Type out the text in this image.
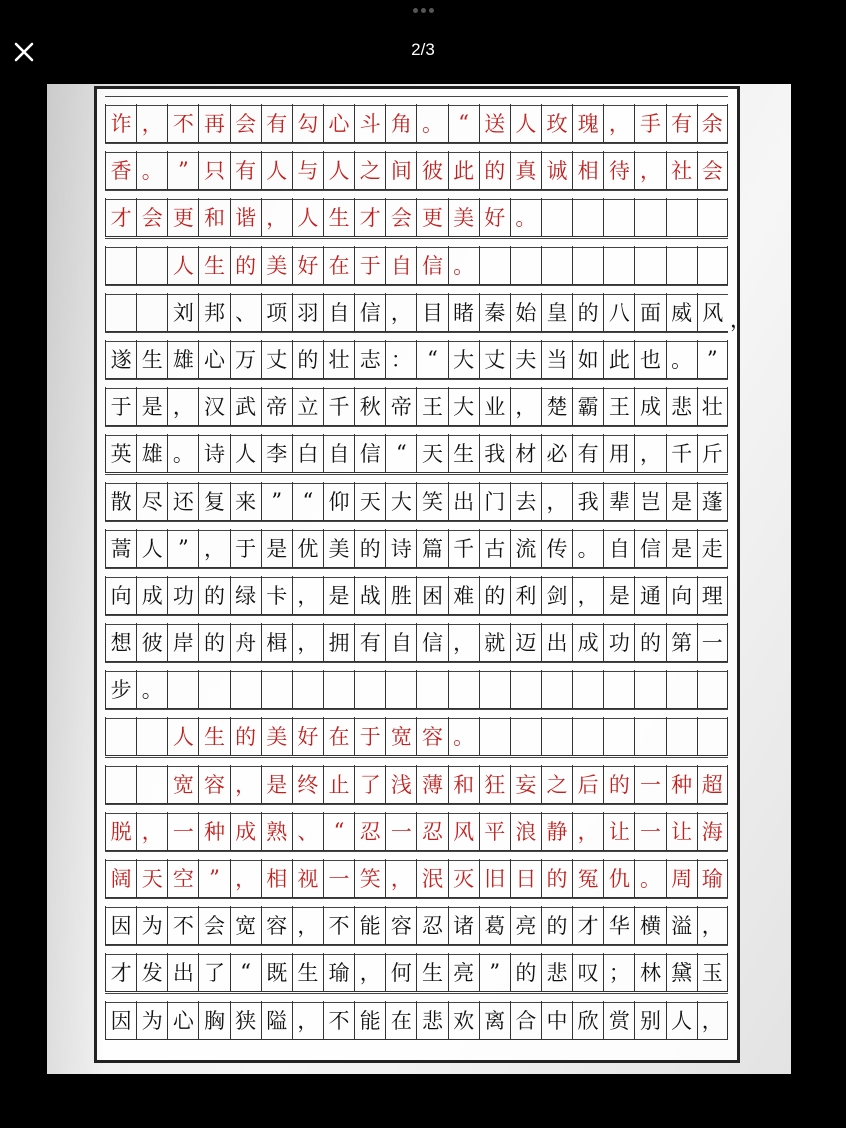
2/3
诈 ， 不 再 会 有 勾 心 斗 角 。 “ 送 人 玫 瑰 ， 手 有 余
香 。 ” 只 有 人 与 人 之 间 彼 此 的 真 诚 相 待 ， 社 会
才 会 更 和 谐 ， 人 生 才 会 更 美 好 。
人 生 的 美 好 在 于 自 信 。
刘 邦 、 项 羽 自 信 ， 目 睹 秦 始 皇 的 八 面 威 风 ，
遂 生 雄 心 万 丈 的 壮 志 ： “ 大 丈 夫 当 如 此 也 。 ”
于 是 ， 汉 武 帝 立 千 秋 帝 王 大 业 ， 楚 霸 王 成 悲 壮
英 雄 。 诗 人 李 白 自 信 “ 天 生 我 材 必 有 用 ， 千 斤
散 尽 还 复 来 ” “ 仰 天 大 笑 出 门 去 ， 我 辈 岂 是 蓬
蒿 人 ” ， 于 是 优 美 的 诗 篇 千 古 流 传 。 自 信 是 走
向 成 功 的 绿 卡 ， 是 战 胜 困 难 的 利 剑 ， 是 通 向 理
想 彼 岸 的 舟 楫 ， 拥 有 自 信 ， 就 迈 出 成 功 的 第 一
步 。
人 生 的 美 好 在 于 宽 容 。
宽 容 ， 是 终 止 了 浅 薄 和 狂 妄 之 后 的 一 种 超
脱 ， 一 种 成 熟 、 “ 忍 一 忍 风 平 浪 静 ， 让 一 让 海
阔 天 空 ” ， 相 视 一 笑 ， 泯 灭 旧 日 的 冤 仇 。 周 瑜
因 为 不 会 宽 容 ， 不 能 容 忍 诸 葛 亮 的 才 华 横 溢 ，
才 发 出 了 “ 既 生 瑜 ， 何 生 亮 ” 的 悲 叹 ； 林 黛 玉
因 为 心 胸 狭 隘 ， 不 能 在 悲 欢 离 合 中 欣 赏 别 人 ，
